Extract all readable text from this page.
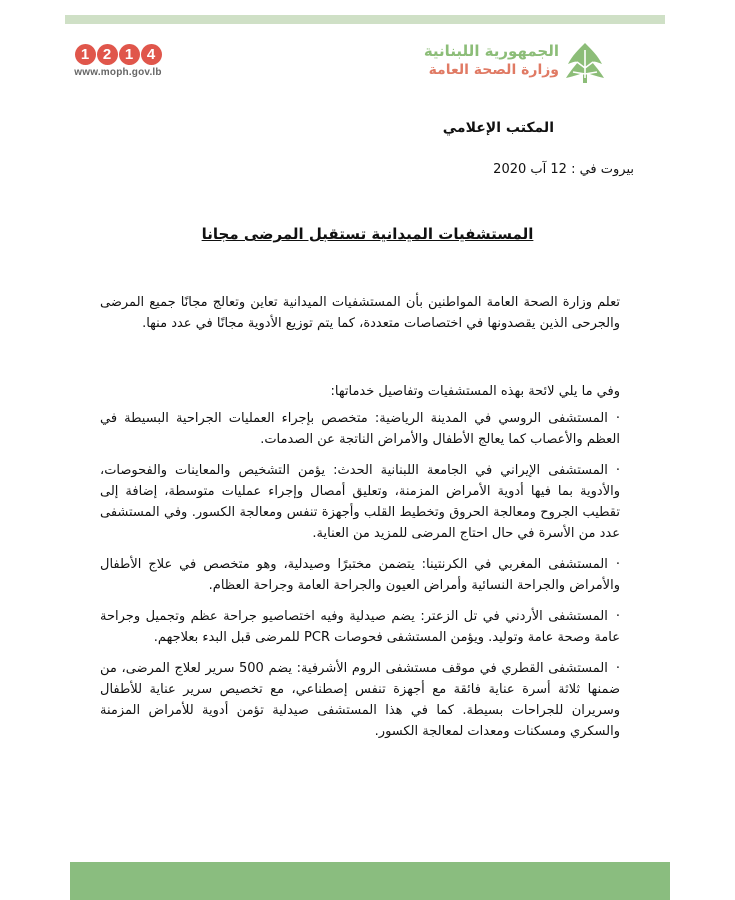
1 2 1 4
www.moph.gov.lb
الجمهورية اللبنانية
وزارة الصحة العامة
المكتب الإعلامي
بيروت في : 12 آب 2020
المستشفيات الميدانية تستقبل المرضى مجانا

تعلم وزارة الصحة العامة المواطنين بأن المستشفيات الميدانية تعاين وتعالج مجانًا جميع المرضى والجرحى الذين يقصدونها في اختصاصات متعددة، كما يتم توزيع الأدوية مجانًا في عدد منها.

وفي ما يلي لائحة بهذه المستشفيات وتفاصيل خدماتها:

·المستشفى الروسي في المدينة الرياضية: متخصص بإجراء العمليات الجراحية البسيطة في العظم والأعصاب كما يعالج الأطفال والأمراض الناتجة عن الصدمات.

·المستشفى الإيراني في الجامعة اللبنانية الحدث: يؤمن التشخيص والمعاينات والفحوصات، والأدوية بما فيها أدوية الأمراض المزمنة، وتعليق أمصال وإجراء عمليات متوسطة، إضافة إلى تقطيب الجروح ومعالجة الحروق وتخطيط القلب وأجهزة تنفس ومعالجة الكسور. وفي المستشفى عدد من الأسرة في حال احتاج المرضى للمزيد من العناية.

·المستشفى المغربي في الكرنتينا: يتضمن مختبرًا وصيدلية، وهو متخصص في علاج الأطفال والأمراض والجراحة النسائية وأمراض العيون والجراحة العامة وجراحة العظام.

·المستشفى الأردني في تل الزعتر: يضم صيدلية وفيه اختصاصيو جراحة عظم وتجميل وجراحة عامة وصحة عامة وتوليد. ويؤمن المستشفى فحوصات PCR للمرضى قبل البدء بعلاجهم.

·المستشفى القطري في موقف مستشفى الروم الأشرفية: يضم 500 سرير لعلاج المرضى، من ضمنها ثلاثة أسرة عناية فائقة مع أجهزة تنفس إصطناعي، مع تخصيص سرير عناية للأطفال وسريران للجراحات بسيطة. كما في هذا المستشفى صيدلية تؤمن أدوية للأمراض المزمنة والسكري ومسكنات ومعدات لمعالجة الكسور.
